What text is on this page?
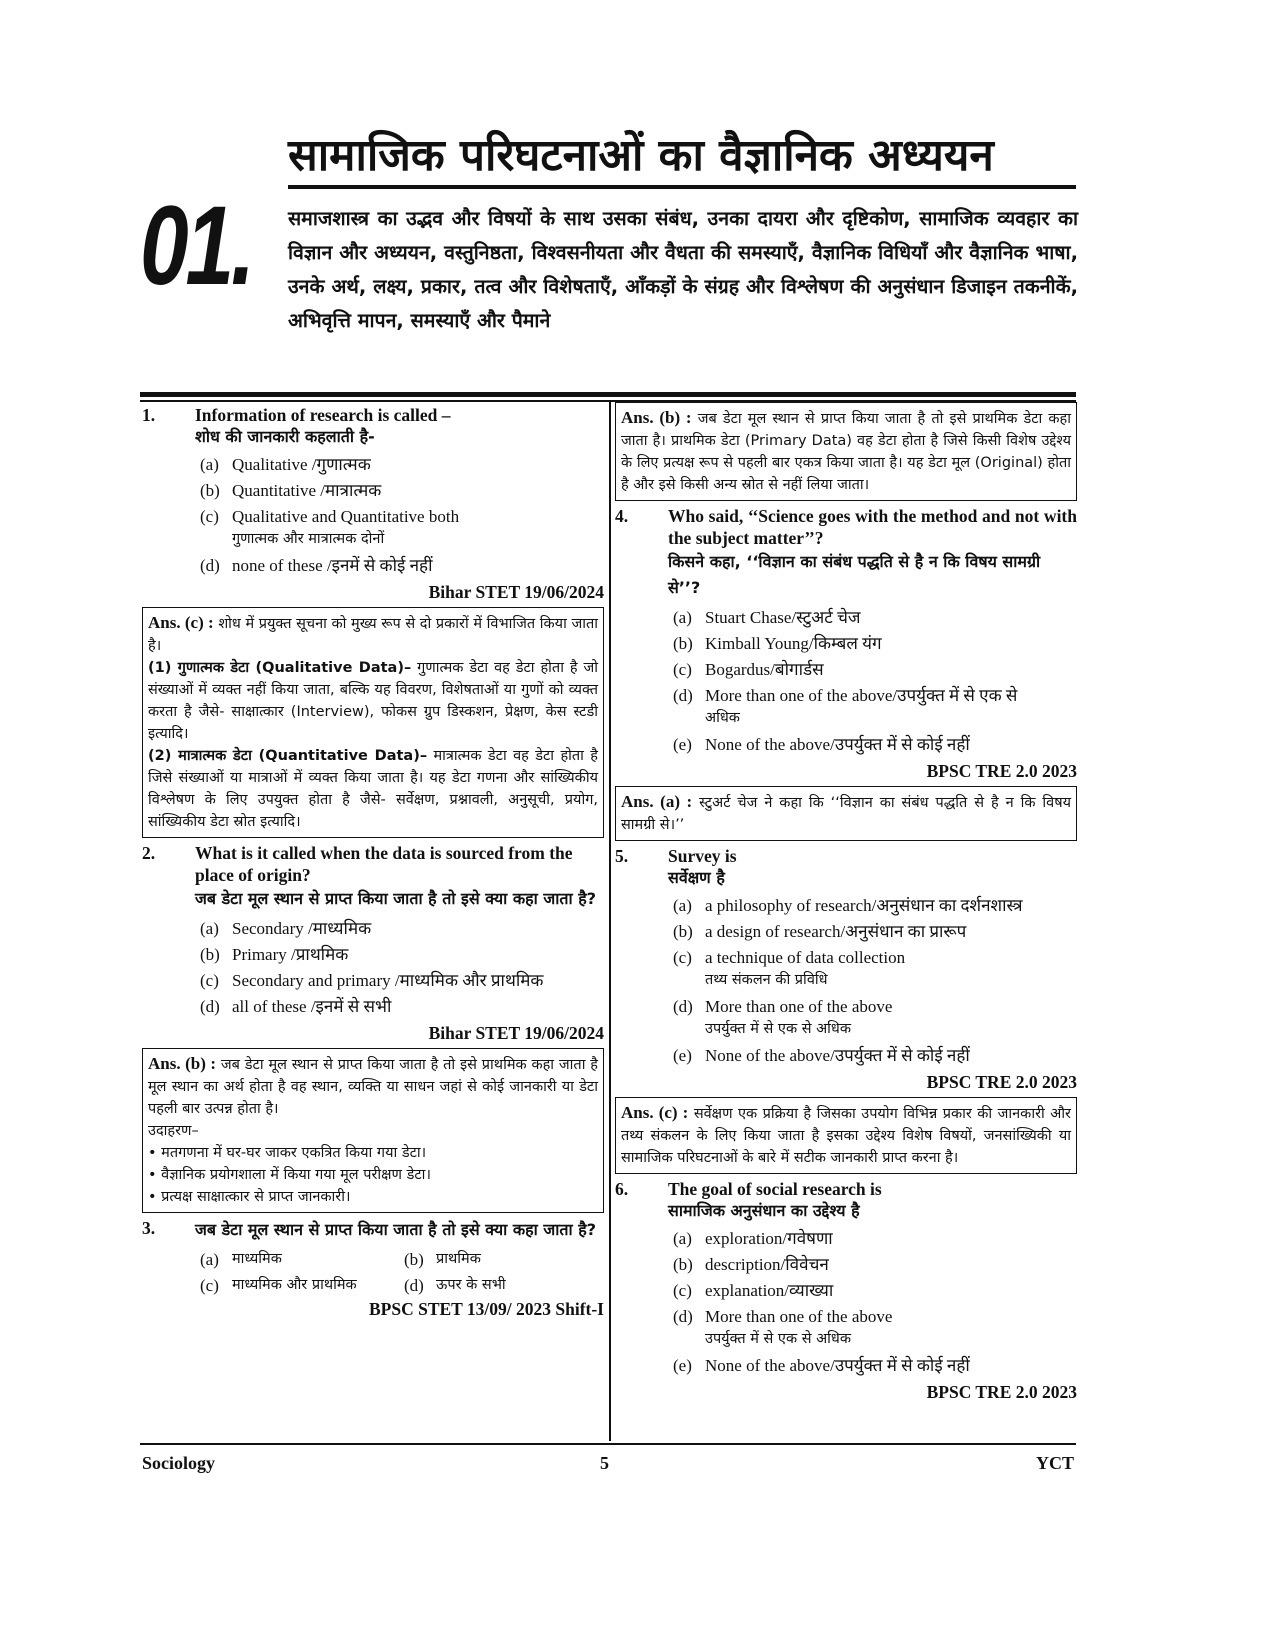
01.
सामाजिक परिघटनाओं का वैज्ञानिक अध्ययन
समाजशास्त्र का उद्भव और विषयों के साथ उसका संबंध, उनका दायरा और दृष्टिकोण, सामाजिक व्यवहार का विज्ञान और अध्ययन, वस्तुनिष्ठता, विश्वसनीयता और वैधता की समस्याएँ, वैज्ञानिक विधियाँ और वैज्ञानिक भाषा, उनके अर्थ, लक्ष्य, प्रकार, तत्व और विशेषताएँ, आँकड़ों के संग्रह और विश्लेषण की अनुसंधान डिजाइन तकनीकें, अभिवृत्ति मापन, समस्याएँ और पैमाने
1.	Information of research is called –
शोध की जानकारी कहलाती है-
(a) Qualitative /गुणात्मक
(b) Quantitative /मात्रात्मक
(c) Qualitative and Quantitative both
गुणात्मक और मात्रात्मक दोनों
(d) none of these /इनमें से कोई नहीं
Bihar STET 19/06/2024
Ans. (c) : शोध में प्रयुक्त सूचना को मुख्य रूप से दो प्रकारों में विभाजित किया जाता है।
(1) गुणात्मक डेटा (Qualitative Data)– गुणात्मक डेटा वह डेटा होता है जो संख्याओं में व्यक्त नहीं किया जाता, बल्कि यह विवरण, विशेषताओं या गुणों को व्यक्त करता है जैसे- साक्षात्कार (Interview), फोकस ग्रुप डिस्कशन, प्रेक्षण, केस स्टडी इत्यादि।
(2) मात्रात्मक डेटा (Quantitative Data)– मात्रात्मक डेटा वह डेटा होता है जिसे संख्याओं या मात्राओं में व्यक्त किया जाता है। यह डेटा गणना और सांख्यिकीय विश्लेषण के लिए उपयुक्त होता है जैसे- सर्वेक्षण, प्रश्नावली, अनुसूची, प्रयोग, सांख्यिकीय डेटा स्रोत इत्यादि।
2.	What is it called when the data is sourced from the place of origin?
जब डेटा मूल स्थान से प्राप्त किया जाता है तो इसे क्या कहा जाता है?
(a) Secondary /माध्यमिक
(b) Primary /प्राथमिक
(c) Secondary and primary /माध्यमिक और प्राथमिक
(d) all of these /इनमें से सभी
Bihar STET 19/06/2024
Ans. (b) : जब डेटा मूल स्थान से प्राप्त किया जाता है तो इसे प्राथमिक कहा जाता है मूल स्थान का अर्थ होता है वह स्थान, व्यक्ति या साधन जहां से कोई जानकारी या डेटा पहली बार उत्पन्न होता है।
उदाहरण–
• मतगणना में घर-घर जाकर एकत्रित किया गया डेटा।
• वैज्ञानिक प्रयोगशाला में किया गया मूल परीक्षण डेटा।
• प्रत्यक्ष साक्षात्कार से प्राप्त जानकारी।
3.	जब डेटा मूल स्थान से प्राप्त किया जाता है तो इसे क्या कहा जाता है?
(a) माध्यमिक	(b) प्राथमिक
(c) माध्यमिक और प्राथमिक	(d) ऊपर के सभी
BPSC STET 13/09/ 2023 Shift-I
Ans. (b) : जब डेटा मूल स्थान से प्राप्त किया जाता है तो इसे प्राथमिक डेटा कहा जाता है। प्राथमिक डेटा (Primary Data) वह डेटा होता है जिसे किसी विशेष उद्देश्य के लिए प्रत्यक्ष रूप से पहली बार एकत्र किया जाता है। यह डेटा मूल (Original) होता है और इसे किसी अन्य स्रोत से नहीं लिया जाता।
4.	Who said, ‘‘Science goes with the method and not with the subject matter’’?
किसने कहा, ‘‘विज्ञान का संबंध पद्धति से है न कि विषय सामग्री से’’?
(a) Stuart Chase/स्टुअर्ट चेज
(b) Kimball Young/किम्बल यंग
(c) Bogardus/बोगार्डस
(d) More than one of the above/उपर्युक्त में से एक से
अधिक
(e) None of the above/उपर्युक्त में से कोई नहीं
BPSC TRE 2.0 2023
Ans. (a) : स्टुअर्ट चेज ने कहा कि ‘‘विज्ञान का संबंध पद्धति से है न कि विषय सामग्री से।’’
5.	Survey is
सर्वेक्षण है
(a) a philosophy of research/अनुसंधान का दर्शनशास्त्र
(b) a design of research/अनुसंधान का प्रारूप
(c) a technique of data collection
तथ्य संकलन की प्रविधि
(d) More than one of the above
उपर्युक्त में से एक से अधिक
(e) None of the above/उपर्युक्त में से कोई नहीं
BPSC TRE 2.0 2023
Ans. (c) : सर्वेक्षण एक प्रक्रिया है जिसका उपयोग विभिन्न प्रकार की जानकारी और तथ्य संकलन के लिए किया जाता है इसका उद्देश्य विशेष विषयों, जनसांख्यिकी या सामाजिक परिघटनाओं के बारे में सटीक जानकारी प्राप्त करना है।
6.	The goal of social research is
सामाजिक अनुसंधान का उद्देश्य है
(a) exploration/गवेषणा
(b) description/विवेचन
(c) explanation/व्याख्या
(d) More than one of the above
उपर्युक्त में से एक से अधिक
(e) None of the above/उपर्युक्त में से कोई नहीं
BPSC TRE 2.0 2023
Sociology	5	YCT
